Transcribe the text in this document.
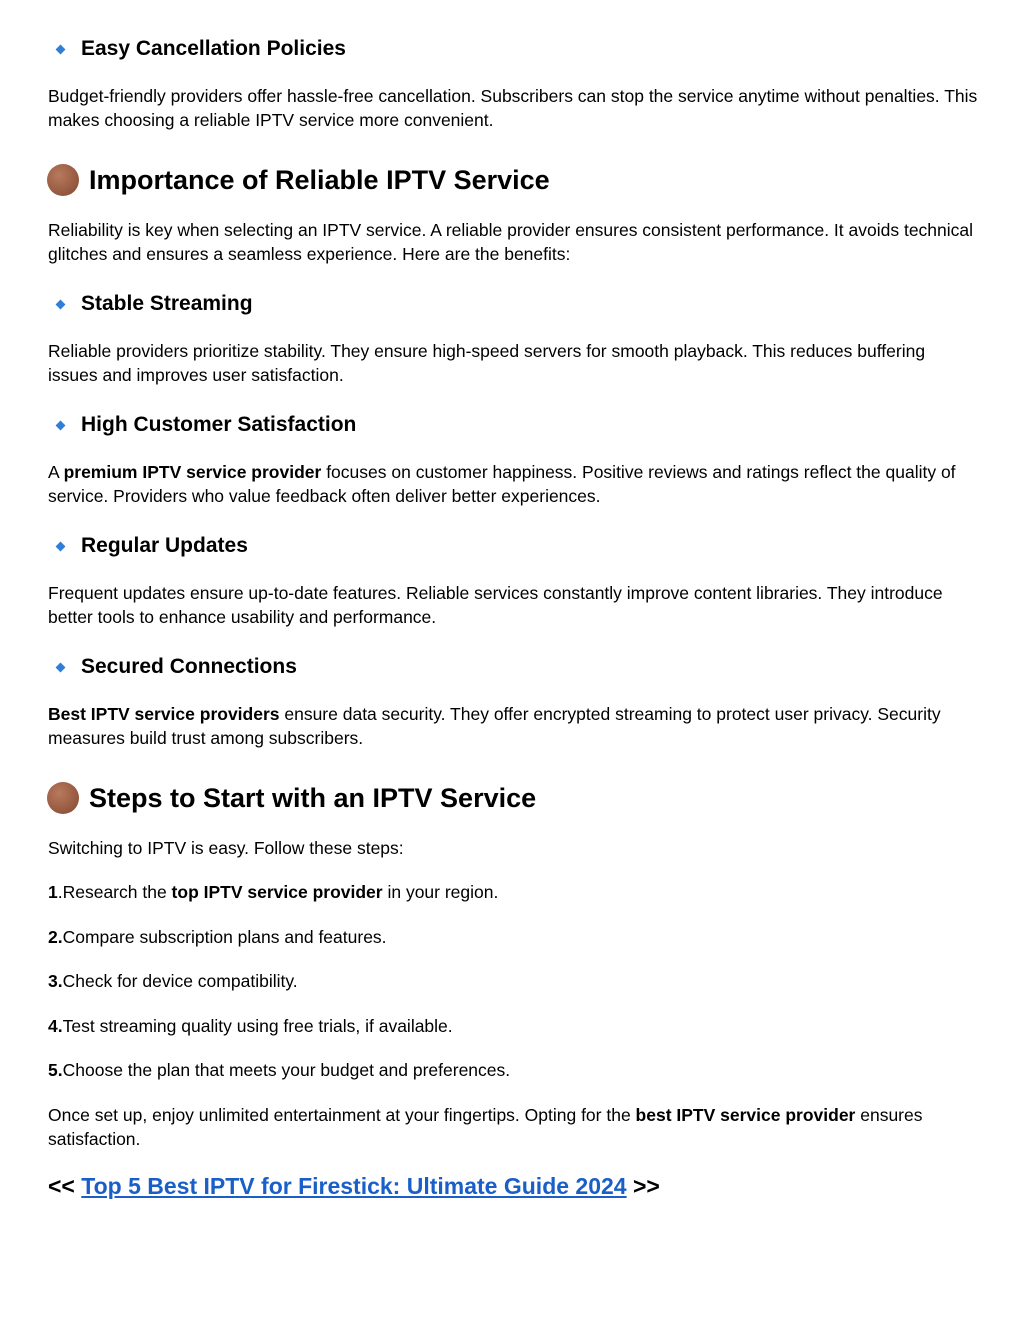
Easy Cancellation Policies
Budget-friendly providers offer hassle-free cancellation. Subscribers can stop the service anytime without penalties. This makes choosing a reliable IPTV service more convenient.
Importance of Reliable IPTV Service
Reliability is key when selecting an IPTV service. A reliable provider ensures consistent performance. It avoids technical glitches and ensures a seamless experience. Here are the benefits:
Stable Streaming
Reliable providers prioritize stability. They ensure high-speed servers for smooth playback. This reduces buffering issues and improves user satisfaction.
High Customer Satisfaction
A premium IPTV service provider focuses on customer happiness. Positive reviews and ratings reflect the quality of service. Providers who value feedback often deliver better experiences.
Regular Updates
Frequent updates ensure up-to-date features. Reliable services constantly improve content libraries. They introduce better tools to enhance usability and performance.
Secured Connections
Best IPTV service providers ensure data security. They offer encrypted streaming to protect user privacy. Security measures build trust among subscribers.
Steps to Start with an IPTV Service
Switching to IPTV is easy. Follow these steps:
1.Research the top IPTV service provider in your region.
2.Compare subscription plans and features.
3.Check for device compatibility.
4.Test streaming quality using free trials, if available.
5.Choose the plan that meets your budget and preferences.
Once set up, enjoy unlimited entertainment at your fingertips. Opting for the best IPTV service provider ensures satisfaction.
<< Top 5 Best IPTV for Firestick: Ultimate Guide 2024 >>
